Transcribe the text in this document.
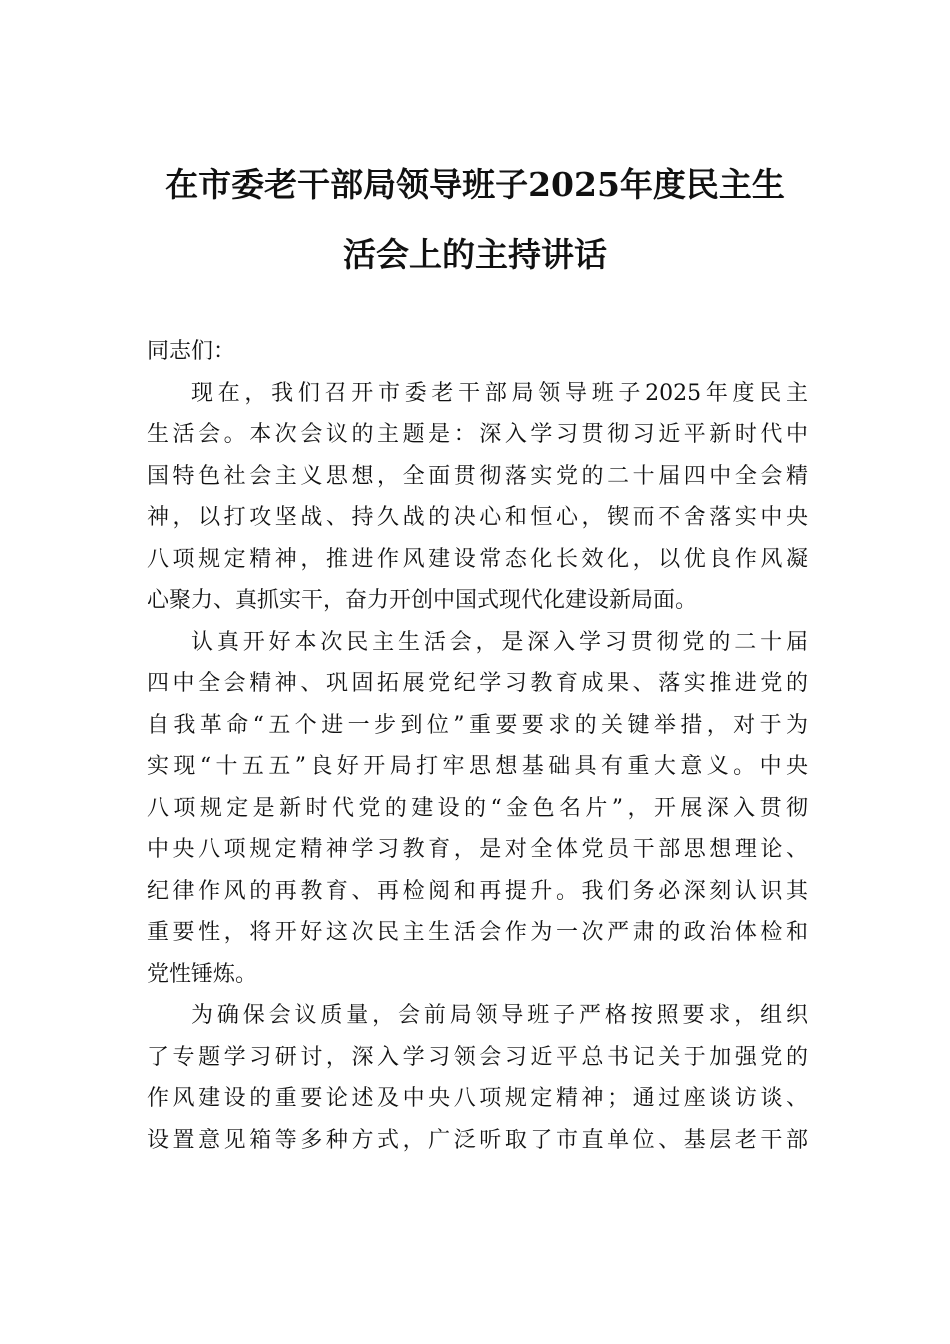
在市委老干部局领导班子2025年度民主生
活会上的主持讲话
同志们：
现在，我们召开市委老干部局领导班子2025年度民主
生活会。本次会议的主题是：深入学习贯彻习近平新时代中
国特色社会主义思想，全面贯彻落实党的二十届四中全会精
神，以打攻坚战、持久战的决心和恒心，锲而不舍落实中央
八项规定精神，推进作风建设常态化长效化，以优良作风凝
心聚力、真抓实干，奋力开创中国式现代化建设新局面。
认真开好本次民主生活会，是深入学习贯彻党的二十届
四中全会精神、巩固拓展党纪学习教育成果、落实推进党的
自我革命“五个进一步到位”重要要求的关键举措，对于为
实现“十五五”良好开局打牢思想基础具有重大意义。中央
八项规定是新时代党的建设的“金色名片”，开展深入贯彻
中央八项规定精神学习教育，是对全体党员干部思想理论、
纪律作风的再教育、再检阅和再提升。我们务必深刻认识其
重要性，将开好这次民主生活会作为一次严肃的政治体检和
党性锤炼。
为确保会议质量，会前局领导班子严格按照要求，组织
了专题学习研讨，深入学习领会习近平总书记关于加强党的
作风建设的重要论述及中央八项规定精神；通过座谈访谈、
设置意见箱等多种方式，广泛听取了市直单位、基层老干部
